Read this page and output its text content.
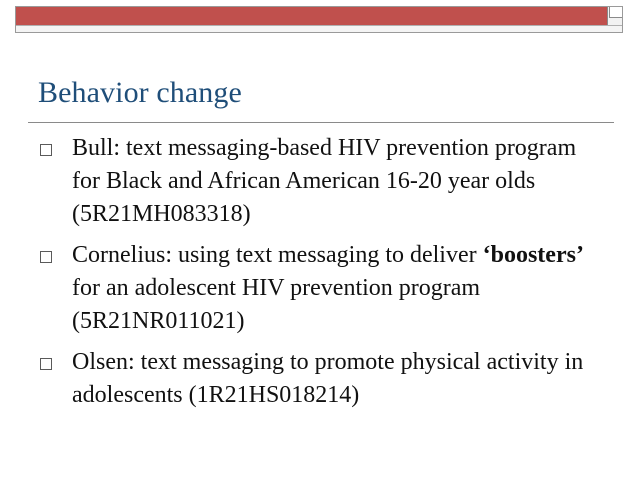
Behavior change
Bull: text messaging-based HIV prevention program for Black and African American 16-20 year olds (5R21MH083318)
Cornelius: using text messaging to deliver ‘boosters’ for an adolescent HIV prevention program (5R21NR011021)
Olsen: text messaging to promote physical activity in adolescents (1R21HS018214)
